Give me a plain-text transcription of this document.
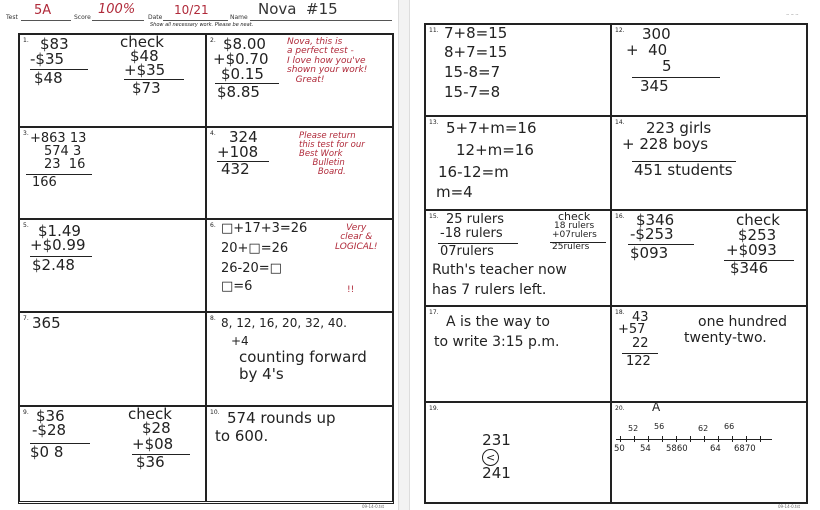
Test 5A	Score
100%
Date
10/21
Name Nova  #15
Show all necessary work. Please be neat.
1. $83
-$35
$48
check
$48
+$35
$73
2. $8.00
+$0.70
$0.15
$8.85
Nova, this is
a perfect test -
I love how you've
shown your work!
Great!
3. +863 13
574 3
23  16
166
4. 324
+108
432
Please return
this test for our
Best Work
Bulletin
Board.
5. $1.49
+$0.99
$2.48
6. □+17+3=26
20+□=26
26-20=□
□=6
Very
clear &
LOGICAL!
!!
7. 365	8. 8, 12, 16, 20, 32, 40.
+4
counting forward
by 4's
9. $36
-$28
$0 8
check
$28
+$08
$36
10. 574 rounds up
to 600.
09-14-0.tst
~ ~ ~
11. 7+8=15
8+7=15
15-8=7
15-7=8
12. 300
+  40
5
345
13. 5+7+m=16
12+m=16
16-12=m
m=4
14. 223 girls
+ 228 boys
451 students
15. 25 rulers
-18 rulers
07rulers
check
18 rulers
+07rulers
25rulers
Ruth's teacher now
has 7 rulers left.
16. $346
-$253
$093
check
$253
+$093
$346
17.
A is the way to
to write 3:15 p.m.
18. 43
+57
22
122
one hundred
twenty-two.
19.

231
<
241

20. A
52 56	62 66
50 54 5860	64 6870
09-14-0.tst
